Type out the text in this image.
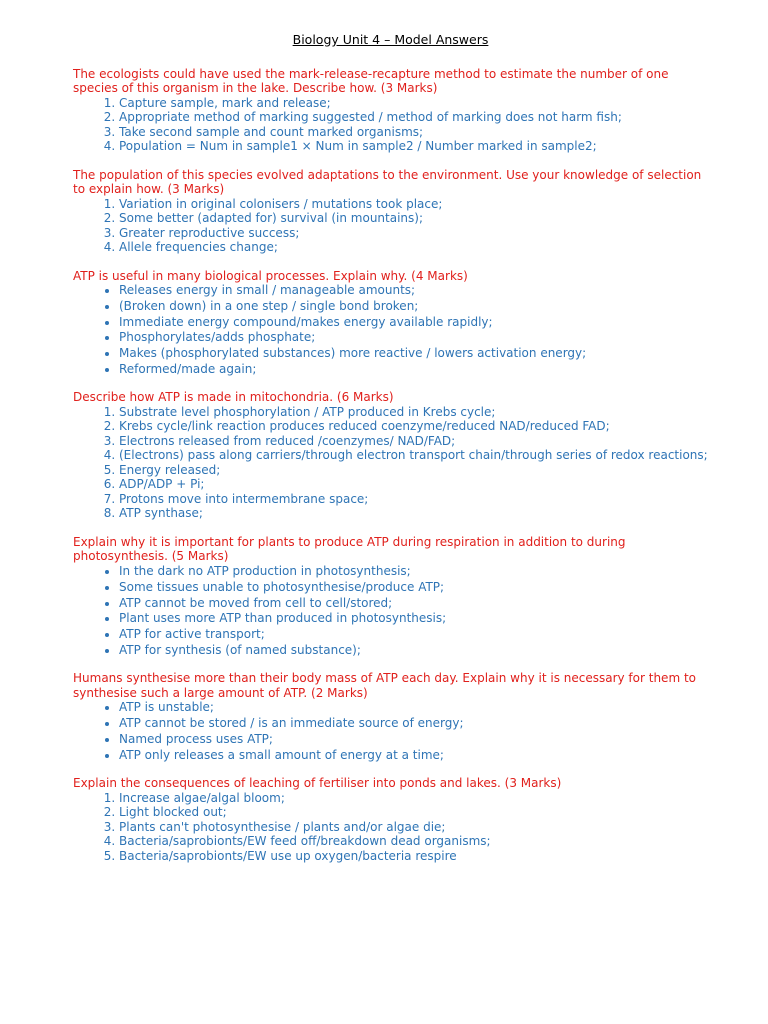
Biology Unit 4 – Model Answers

The ecologists could have used the mark-release-recapture method to estimate the number of one species of this organism in the lake. Describe how. (3 Marks)

1. Capture sample, mark and release;
2. Appropriate method of marking suggested / method of marking does not harm fish;
3. Take second sample and count marked organisms;
4. Population = Num in sample1 × Num in sample2 / Number marked in sample2;

The population of this species evolved adaptations to the environment. Use your knowledge of selection to explain how. (3 Marks)

1. Variation in original colonisers / mutations took place;
2. Some better (adapted for) survival (in mountains);
3. Greater reproductive success;
4. Allele frequencies change;

ATP is useful in many biological processes. Explain why. (4 Marks)

• Releases energy in small / manageable amounts;
• (Broken down) in a one step / single bond broken;
• Immediate energy compound/makes energy available rapidly;
• Phosphorylates/adds phosphate;
• Makes (phosphorylated substances) more reactive / lowers activation energy;
• Reformed/made again;

Describe how ATP is made in mitochondria. (6 Marks)

1. Substrate level phosphorylation / ATP produced in Krebs cycle;
2. Krebs cycle/link reaction produces reduced coenzyme/reduced NAD/reduced FAD;
3. Electrons released from reduced /coenzymes/ NAD/FAD;
4. (Electrons) pass along carriers/through electron transport chain/through series of redox reactions;
5. Energy released;
6. ADP/ADP + Pi;
7. Protons move into intermembrane space;
8. ATP synthase;

Explain why it is important for plants to produce ATP during respiration in addition to during photosynthesis. (5 Marks)

• In the dark no ATP production in photosynthesis;
• Some tissues unable to photosynthesise/produce ATP;
• ATP cannot be moved from cell to cell/stored;
• Plant uses more ATP than produced in photosynthesis;
• ATP for active transport;
• ATP for synthesis (of named substance);

Humans synthesise more than their body mass of ATP each day. Explain why it is necessary for them to synthesise such a large amount of ATP. (2 Marks)

• ATP is unstable;
• ATP cannot be stored / is an immediate source of energy;
• Named process uses ATP;
• ATP only releases a small amount of energy at a time;

Explain the consequences of leaching of fertiliser into ponds and lakes. (3 Marks)

1. Increase algae/algal bloom;
2. Light blocked out;
3. Plants can't photosynthesise / plants and/or algae die;
4. Bacteria/saprobionts/EW feed off/breakdown dead organisms;
5. Bacteria/saprobionts/EW use up oxygen/bacteria respire
